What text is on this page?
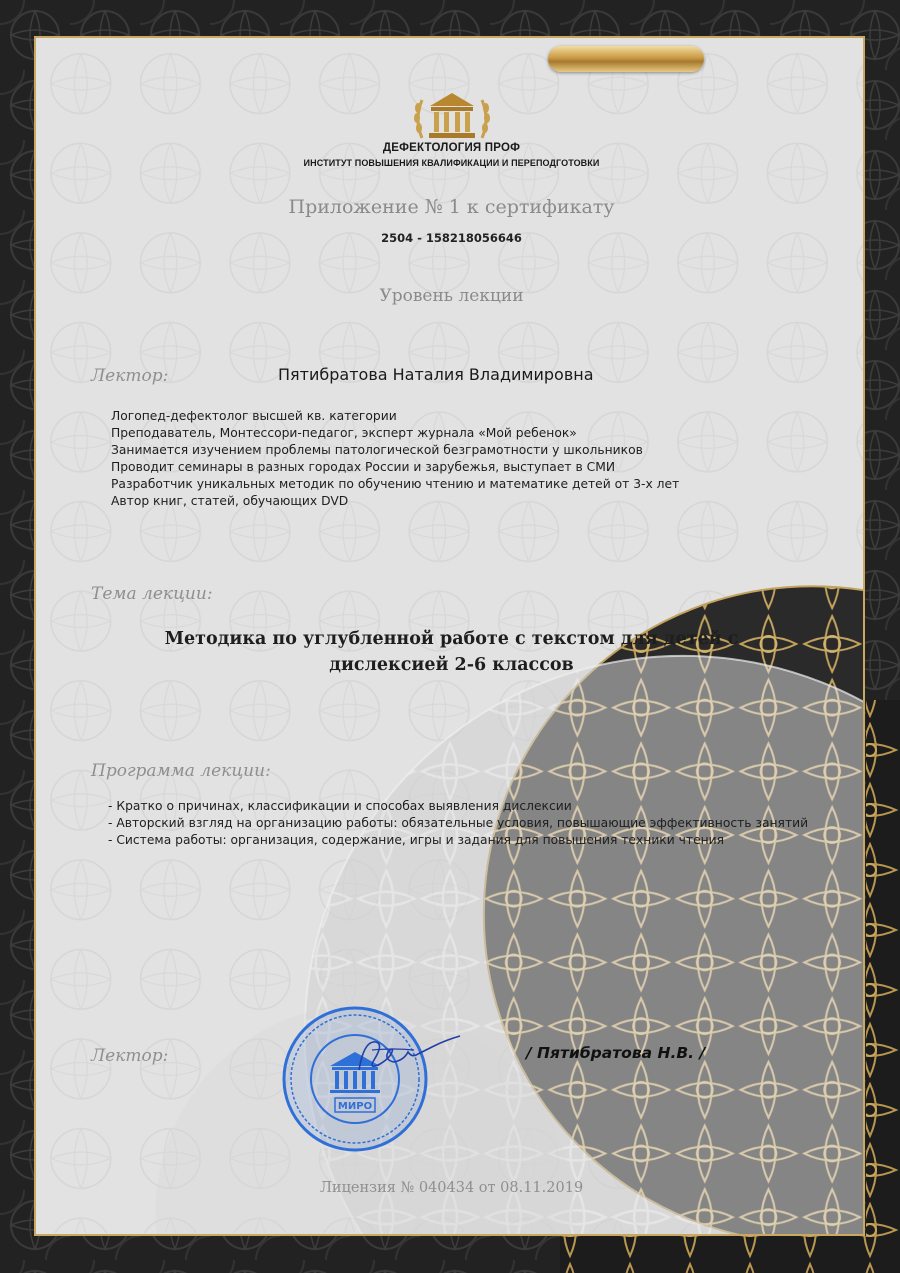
ДЕФЕКТОЛОГИЯ ПРОФ
ИНСТИТУТ ПОВЫШЕНИЯ КВАЛИФИКАЦИИ И ПЕРЕПОДГОТОВКИ
Приложение № 1 к сертификату
2504 - 158218056646
Уровень лекции
Лектор:	Пятибратова Наталия Владимировна
Логопед-дефектолог высшей кв. категории
Преподаватель, Монтессори-педагог, эксперт журнала «Мой ребенок»
Занимается изучением проблемы патологической безграмотности у школьников
Проводит семинары в разных городах России и зарубежья, выступает в СМИ
Разработчик уникальных методик по обучению чтению и математике детей от 3-х лет
Автор книг, статей, обучающих DVD
Тема лекции:
Методика по углубленной работе с текстом для детей с
дислексией 2-6 классов
Программа лекции:
- Кратко о причинах, классификации и способах выявления дислексии
- Авторский взгляд на организацию работы: обязательные условия, повышающие эффективность занятий
- Система работы: организация, содержание, игры и задания для повышения техники чтения
Лектор:
МИРО
/ Пятибратова Н.В. /
Лицензия № 040434 от 08.11.2019
